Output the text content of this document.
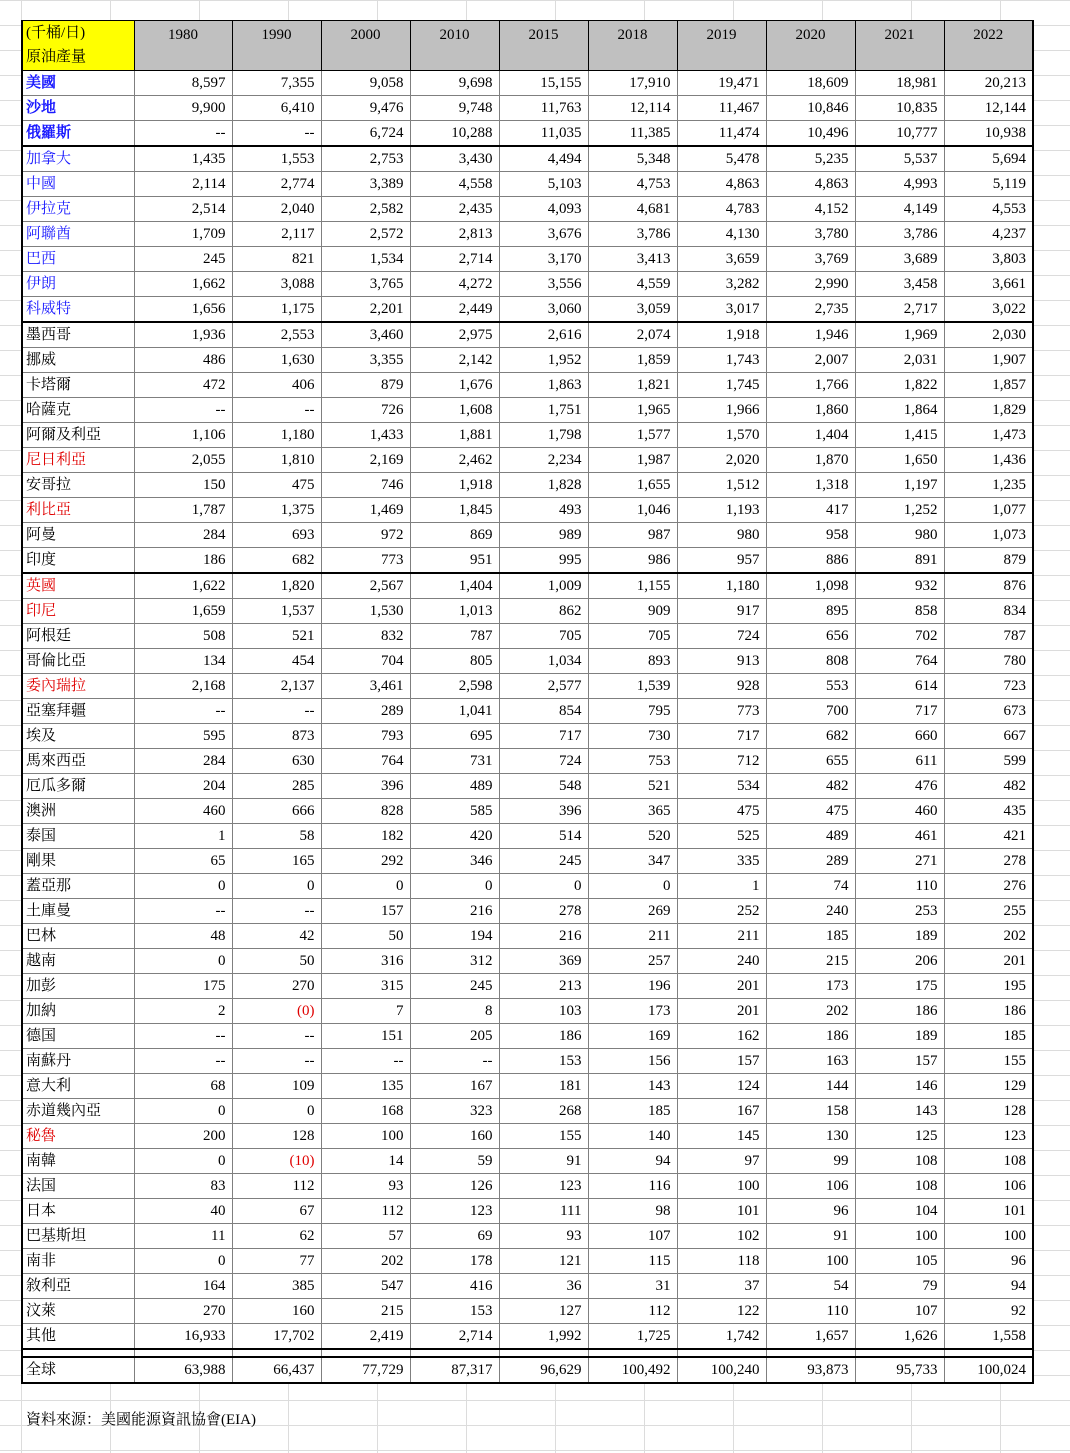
(千桶/日)
原油產量	1980	1990	2000	2010	2015	2018	2019	2020	2021	2022
美國	8,597	7,355	9,058	9,698	15,155	17,910	19,471	18,609	18,981	20,213
沙地	9,900	6,410	9,476	9,748	11,763	12,114	11,467	10,846	10,835	12,144
俄羅斯	--	--	6,724	10,288	11,035	11,385	11,474	10,496	10,777	10,938
加拿大	1,435	1,553	2,753	3,430	4,494	5,348	5,478	5,235	5,537	5,694
中國	2,114	2,774	3,389	4,558	5,103	4,753	4,863	4,863	4,993	5,119
伊拉克	2,514	2,040	2,582	2,435	4,093	4,681	4,783	4,152	4,149	4,553
阿聯酋	1,709	2,117	2,572	2,813	3,676	3,786	4,130	3,780	3,786	4,237
巴西	245	821	1,534	2,714	3,170	3,413	3,659	3,769	3,689	3,803
伊朗	1,662	3,088	3,765	4,272	3,556	4,559	3,282	2,990	3,458	3,661
科威特	1,656	1,175	2,201	2,449	3,060	3,059	3,017	2,735	2,717	3,022
墨西哥	1,936	2,553	3,460	2,975	2,616	2,074	1,918	1,946	1,969	2,030
挪威	486	1,630	3,355	2,142	1,952	1,859	1,743	2,007	2,031	1,907
卡塔爾	472	406	879	1,676	1,863	1,821	1,745	1,766	1,822	1,857
哈薩克	--	--	726	1,608	1,751	1,965	1,966	1,860	1,864	1,829
阿爾及利亞	1,106	1,180	1,433	1,881	1,798	1,577	1,570	1,404	1,415	1,473
尼日利亞	2,055	1,810	2,169	2,462	2,234	1,987	2,020	1,870	1,650	1,436
安哥拉	150	475	746	1,918	1,828	1,655	1,512	1,318	1,197	1,235
利比亞	1,787	1,375	1,469	1,845	493	1,046	1,193	417	1,252	1,077
阿曼	284	693	972	869	989	987	980	958	980	1,073
印度	186	682	773	951	995	986	957	886	891	879
英國	1,622	1,820	2,567	1,404	1,009	1,155	1,180	1,098	932	876
印尼	1,659	1,537	1,530	1,013	862	909	917	895	858	834
阿根廷	508	521	832	787	705	705	724	656	702	787
哥倫比亞	134	454	704	805	1,034	893	913	808	764	780
委內瑞拉	2,168	2,137	3,461	2,598	2,577	1,539	928	553	614	723
亞塞拜疆	--	--	289	1,041	854	795	773	700	717	673
埃及	595	873	793	695	717	730	717	682	660	667
馬來西亞	284	630	764	731	724	753	712	655	611	599
厄瓜多爾	204	285	396	489	548	521	534	482	476	482
澳洲	460	666	828	585	396	365	475	475	460	435
泰国	1	58	182	420	514	520	525	489	461	421
剛果	65	165	292	346	245	347	335	289	271	278
蓋亞那	0	0	0	0	0	0	1	74	110	276
土庫曼	--	--	157	216	278	269	252	240	253	255
巴林	48	42	50	194	216	211	211	185	189	202
越南	0	50	316	312	369	257	240	215	206	201
加彭	175	270	315	245	213	196	201	173	175	195
加納	2	(0)	7	8	103	173	201	202	186	186
德国	--	--	151	205	186	169	162	186	189	185
南蘇丹	--	--	--	--	153	156	157	163	157	155
意大利	68	109	135	167	181	143	124	144	146	129
赤道幾內亞	0	0	168	323	268	185	167	158	143	128
秘魯	200	128	100	160	155	140	145	130	125	123
南韓	0	(10)	14	59	91	94	97	99	108	108
法国	83	112	93	126	123	116	100	106	108	106
日本	40	67	112	123	111	98	101	96	104	101
巴基斯坦	11	62	57	69	93	107	102	91	100	100
南非	0	77	202	178	121	115	118	100	105	96
敘利亞	164	385	547	416	36	31	37	54	79	94
汶萊	270	160	215	153	127	112	122	110	107	92
其他	16,933	17,702	2,419	2,714	1,992	1,725	1,742	1,657	1,626	1,558

全球	63,988	66,437	77,729	87,317	96,629	100,492	100,240	93,873	95,733	100,024
資料來源：美國能源資訊協會(EIA)
